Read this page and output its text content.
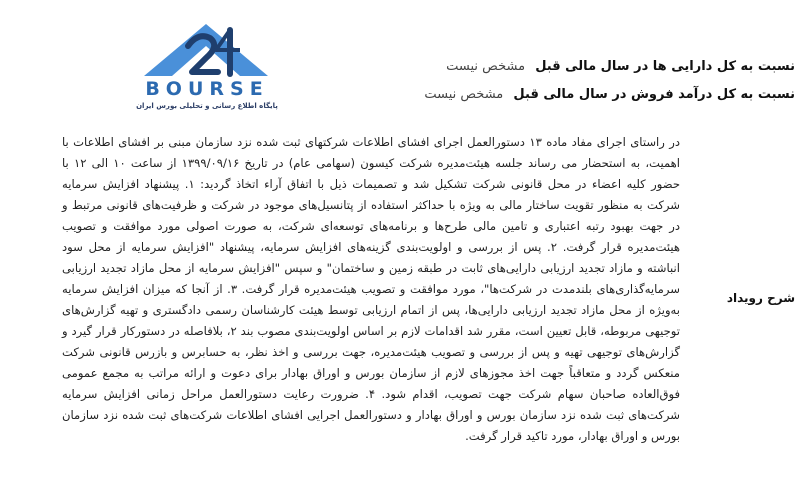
BOURSE
پایگاه اطلاع رسانی و تحلیلی بورس ایران
نسبت به کل دارایی ها در سال مالی قبل مشخص نیست
نسبت به کل درآمد فروش در سال مالی قبل مشخص نیست
شرح رویداد
در راستای اجرای مفاد ماده ۱۳ دستورالعمل اجرای افشای اطلاعات شرکتهای ثبت شده نزد سازمان مبنی بر افشای اطلاعات با اهمیت، به استحضار می رساند جلسه هیئت‌مدیره شرکت کیسون (سهامی عام) در تاریخ ۱۳۹۹/۰۹/۱۶ از ساعت ۱۰ الی ۱۲ با حضور کلیه اعضاء در محل قانونی شرکت تشکیل شد و تصمیمات ذیل با اتفاق آراء اتخاذ گردید: ۱. پیشنهاد افزایش سرمایه شرکت به منظور تقویت ساختار مالی به ویژه با حداکثر استفاده از پتانسیل‌های موجود در شرکت و ظرفیت‌های قانونی مرتبط و در جهت بهبود رتبه اعتباری و تامین مالی طرح‌ها و برنامه‌های توسعه‌ای شرکت، به صورت اصولی مورد موافقت و تصویب هیئت‌مدیره قرار گرفت. ۲. پس از بررسی و اولویت‌بندی گزینه‌های افزایش سرمایه، پیشنهاد "افزایش سرمایه از محل سود انباشته و مازاد تجدید ارزیابی دارایی‌های ثابت در طبقه زمین و ساختمان" و سپس "افزایش سرمایه از محل مازاد تجدید ارزیابی سرمایه‌گذاری‌های بلندمدت در شرکت‌ها"، مورد موافقت و تصویب هیئت‌مدیره قرار گرفت. ۳. از آنجا که میزان افزایش سرمایه به‌ویژه از محل مازاد تجدید ارزیابی دارایی‌ها، پس از اتمام ارزیابی توسط هیئت کارشناسان رسمی دادگستری و تهیه گزارش‌های توجیهی مربوطه، قابل تعیین است، مقرر شد اقدامات لازم بر اساس اولویت‌بندی مصوب بند ۲، بلافاصله در دستورکار قرار گیرد و گزارش‌های توجیهی تهیه و پس از بررسی و تصویب هیئت‌مدیره، جهت بررسی و اخذ نظر، به حسابرس و بازرس قانونی شرکت منعکس گردد و متعاقباً جهت اخذ مجوزهای لازم از سازمان بورس و اوراق بهادار برای دعوت و ارائه مراتب به مجمع عمومی فوق‌العاده صاحبان سهام شرکت جهت تصویب، اقدام شود. ۴. ضرورت رعایت دستورالعمل مراحل زمانی افزایش سرمایه شرکت‌های ثبت شده نزد سازمان بورس و اوراق بهادار و دستورالعمل اجرایی افشای اطلاعات شرکت‌های ثبت شده نزد سازمان بورس و اوراق بهادار، مورد تاکید قرار گرفت.
